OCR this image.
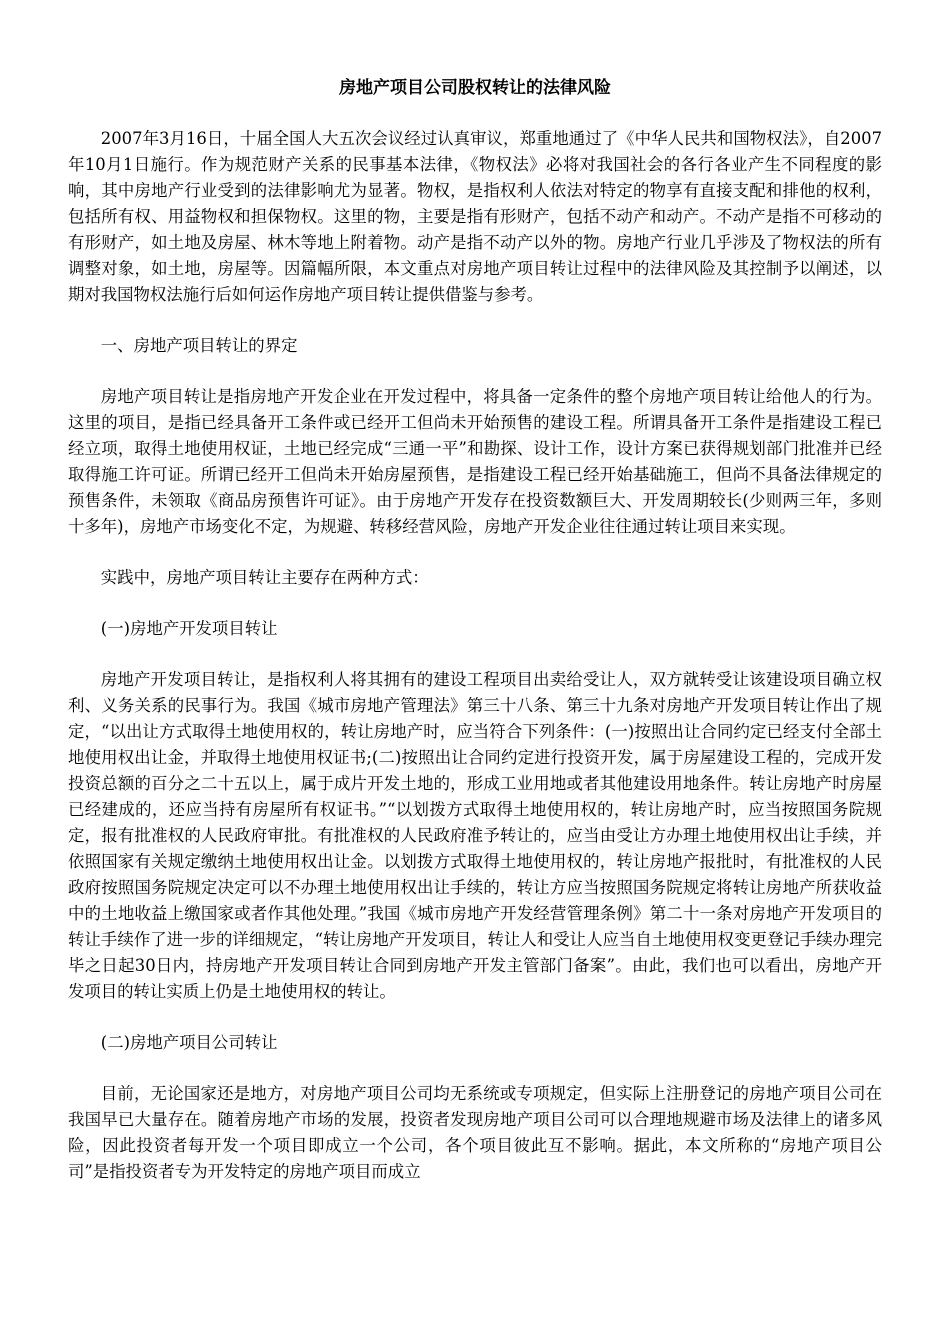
房地产项目公司股权转让的法律风险

2007年3月16日，十届全国人大五次会议经过认真审议，郑重地通过了《中华人民共和国物权法》，自2007年10月1日施行。作为规范财产关系的民事基本法律，《物权法》必将对我国社会的各行各业产生不同程度的影响，其中房地产行业受到的法律影响尤为显著。物权，是指权利人依法对特定的物享有直接支配和排他的权利，包括所有权、用益物权和担保物权。这里的物，主要是指有形财产，包括不动产和动产。不动产是指不可移动的有形财产，如土地及房屋、林木等地上附着物。动产是指不动产以外的物。房地产行业几乎涉及了物权法的所有调整对象，如土地，房屋等。因篇幅所限，本文重点对房地产项目转让过程中的法律风险及其控制予以阐述，以期对我国物权法施行后如何运作房地产项目转让提供借鉴与参考。

一、房地产项目转让的界定

房地产项目转让是指房地产开发企业在开发过程中，将具备一定条件的整个房地产项目转让给他人的行为。这里的项目，是指已经具备开工条件或已经开工但尚未开始预售的建设工程。所谓具备开工条件是指建设工程已经立项，取得土地使用权证，土地已经完成“三通一平”和勘探、设计工作，设计方案已获得规划部门批准并已经取得施工许可证。所谓已经开工但尚未开始房屋预售，是指建设工程已经开始基础施工，但尚不具备法律规定的预售条件，未领取《商品房预售许可证》。由于房地产开发存在投资数额巨大、开发周期较长(少则两三年，多则十多年)，房地产市场变化不定，为规避、转移经营风险，房地产开发企业往往通过转让项目来实现。

实践中，房地产项目转让主要存在两种方式：

(一)房地产开发项目转让

房地产开发项目转让，是指权利人将其拥有的建设工程项目出卖给受让人，双方就转受让该建设项目确立权利、义务关系的民事行为。我国《城市房地产管理法》第三十八条、第三十九条对房地产开发项目转让作出了规定，“以出让方式取得土地使用权的，转让房地产时，应当符合下列条件：(一)按照出让合同约定已经支付全部土地使用权出让金，并取得土地使用权证书;(二)按照出让合同约定进行投资开发，属于房屋建设工程的，完成开发投资总额的百分之二十五以上，属于成片开发土地的，形成工业用地或者其他建设用地条件。转让房地产时房屋已经建成的，还应当持有房屋所有权证书。”“以划拨方式取得土地使用权的，转让房地产时，应当按照国务院规定，报有批准权的人民政府审批。有批准权的人民政府准予转让的，应当由受让方办理土地使用权出让手续，并依照国家有关规定缴纳土地使用权出让金。以划拨方式取得土地使用权的，转让房地产报批时，有批准权的人民政府按照国务院规定决定可以不办理土地使用权出让手续的，转让方应当按照国务院规定将转让房地产所获收益中的土地收益上缴国家或者作其他处理。”我国《城市房地产开发经营管理条例》第二十一条对房地产开发项目的转让手续作了进一步的详细规定，“转让房地产开发项目，转让人和受让人应当自土地使用权变更登记手续办理完毕之日起30日内，持房地产开发项目转让合同到房地产开发主管部门备案”。由此，我们也可以看出，房地产开发项目的转让实质上仍是土地使用权的转让。

(二)房地产项目公司转让

目前，无论国家还是地方，对房地产项目公司均无系统或专项规定，但实际上注册登记的房地产项目公司在我国早已大量存在。随着房地产市场的发展，投资者发现房地产项目公司可以合理地规避市场及法律上的诸多风险，因此投资者每开发一个项目即成立一个公司，各个项目彼此互不影响。据此，本文所称的“房地产项目公司”是指投资者专为开发特定的房地产项目而成立
